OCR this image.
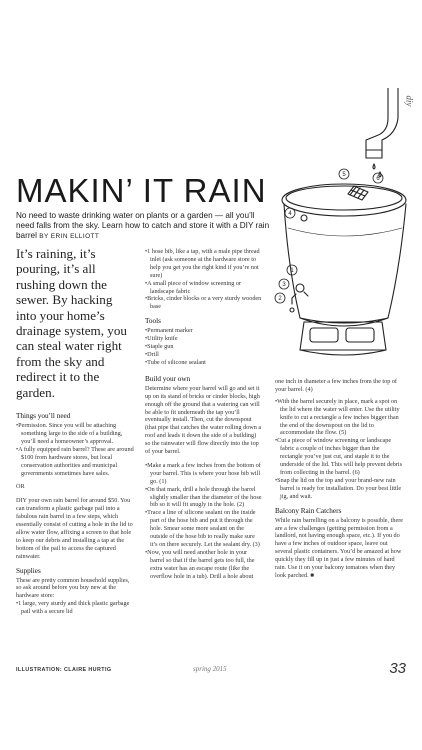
diy
MAKIN’ IT RAIN
No need to waste drinking water on plants or a garden — all you’ll need falls from the sky. Learn how to catch and store it with a DIY rain barrel BY ERIN ELLIOTT
4
5
6
3
2
1

It’s raining, it’s pouring, it’s all rushing down the sewer. By hacking into your home’s drainage system, you can steal water right from the sky and redirect it to the garden.

Things you’ll need
• Permission. Since you will be attaching something large to the side of a building, you’ll need a homeowner’s approval.
• A fully equipped rain barrel? These are around $100 from hardware stores, but local conservation authorities and municipal governments sometimes have sales.

OR

DIY your own rain barrel for around $50. You can transform a plastic garbage pail into a fabulous rain barrel in a few steps, which essentially consist of cutting a hole in the lid to allow water flow, affixing a screen to that hole to keep our debris and installing a tap at the bottom of the pail to access the captured rainwater.

Supplies

These are pretty common household supplies, so ask around before you buy new at the hardware store:

• 1 large, very sturdy and thick plastic garbage pail with a secure lid
• 1 hose bib, like a tap, with a male pipe thread inlet (ask someone at the hardware store to help you get you the right kind if you’re not sure)
• A small piece of window screening or landscape fabric
• Bricks, cinder blocks or a very sturdy wooden base
Tools
• Permanent marker
• Utility knife
• Staple gun
• Drill
• Tube of silicone sealant
Build your own

Determine where your barrel will go and set it up on its stand of bricks or cinder blocks, high enough off the ground that a watering can will be able to fit underneath the tap you’ll eventually install. Then, cut the downspout (that pipe that catches the water rolling down a roof and leads it down the side of a building) so the rainwater will flow directly into the top of your barrel.

• Make a mark a few inches from the bottom of your barrel. This is where your hose bib will go. (1)
• On that mark, drill a hole through the barrel slightly smaller than the diameter of the hose bib so it will fit snugly in the hole. (2)
• Trace a line of silicone sealant on the inside part of the hose bib and put it through the hole. Smear some more sealant on the outside of the hose bib to really make sure it’s on there securely. Let the sealant dry. (3)
• Now, you will need another hole in your barrel so that if the barrel gets too full, the extra water has an escape route (like the overflow hole in a tub). Drill a hole about

one inch in diameter a few inches from the top of your barrel. (4)

• With the barrel securely in place, mark a spot on the lid where the water will enter. Use the utility knife to cut a rectangle a few inches bigger than the end of the downspout on the lid to accommodate the flow. (5)
• Cut a piece of window screening or landscape fabric a couple of inches bigger than the rectangle you’ve just cut, and staple it to the underside of the lid. This will help prevent debris from collecting in the barrel. (6)
• Snap the lid on the top and your brand-new rain barrel is ready for installation. Do your best little jig, and wait.
Balcony Rain Catchers

While rain barrelling on a balcony is possible, there are a few challenges (getting permission from a landlord, not having enough space, etc.). If you do have a few inches of outdoor space, leave out several plastic containers. You’d be amazed at how quickly they fill up in just a few minutes of hard rain. Use it on your balcony tomatoes when they look parched. ■

ILLUSTRATION: CLAIRE HURTIG	spring 2015	33
